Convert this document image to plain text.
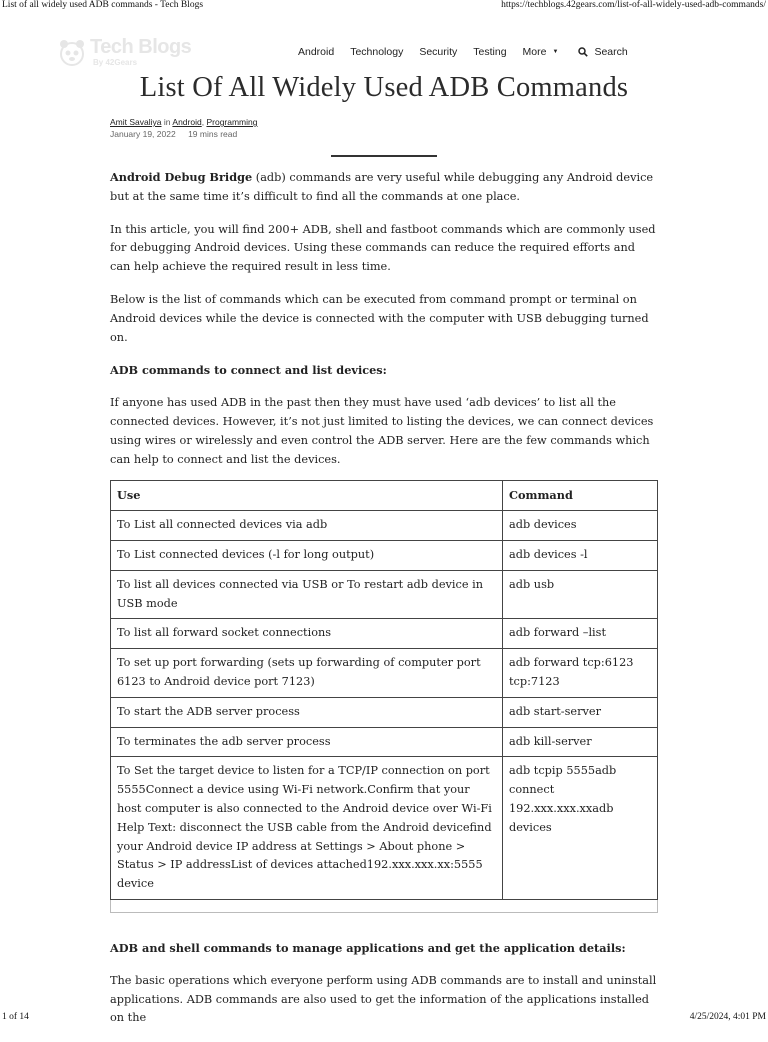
List of all widely used ADB commands - Tech Blogs	https://techblogs.42gears.com/list-of-all-widely-used-adb-commands/
1 of 14	4/25/2024, 4:01 PM
Tech Blogs
By 42Gears
Android Technology Security Testing More ▼	Search
List Of All Widely Used ADB Commands
Amit Savaliya in Android, Programming
January 19, 2022 19 mins read

Android Debug Bridge (adb) commands are very useful while debugging any Android device but at the same time it’s difficult to find all the commands at one place.

In this article, you will find 200+ ADB, shell and fastboot commands which are commonly used for debugging Android devices. Using these commands can reduce the required efforts and can help achieve the required result in less time.

Below is the list of commands which can be executed from command prompt or terminal on Android devices while the device is connected with the computer with USB debugging turned on.

ADB commands to connect and list devices:

If anyone has used ADB in the past then they must have used ‘adb devices’ to list all the connected devices. However, it’s not just limited to listing the devices, we can connect devices using wires or wirelessly and even control the ADB server. Here are the few commands which can help to connect and list the devices.

Use	Command
To List all connected devices via adb	adb devices
To List connected devices (-l for long output)	adb devices -l
To list all devices connected via USB or To restart adb device in USB mode	adb usb
To list all forward socket connections	adb forward –list
To set up port forwarding (sets up forwarding of computer port 6123 to Android device port 7123)	adb forward tcp:6123 tcp:7123
To start the ADB server process	adb start-server
To terminates the adb server process	adb kill-server

To Set the target device to listen for a TCP/IP connection on port 5555Connect a device using Wi-Fi network.Confirm that your host computer is also connected to the Android device over Wi-Fi
Help Text: disconnect the USB cable from the Android devicefind your Android device IP address at Settings > About phone > Status > IP addressList of devices attached192.xxx.xxx.xx:5555 device	adb tcpip 5555adb connect 192.xxx.xxx.xxadb devices

ADB and shell commands to manage applications and get the application details:

The basic operations which everyone perform using ADB commands are to install and uninstall applications. ADB commands are also used to get the information of the applications installed on the
